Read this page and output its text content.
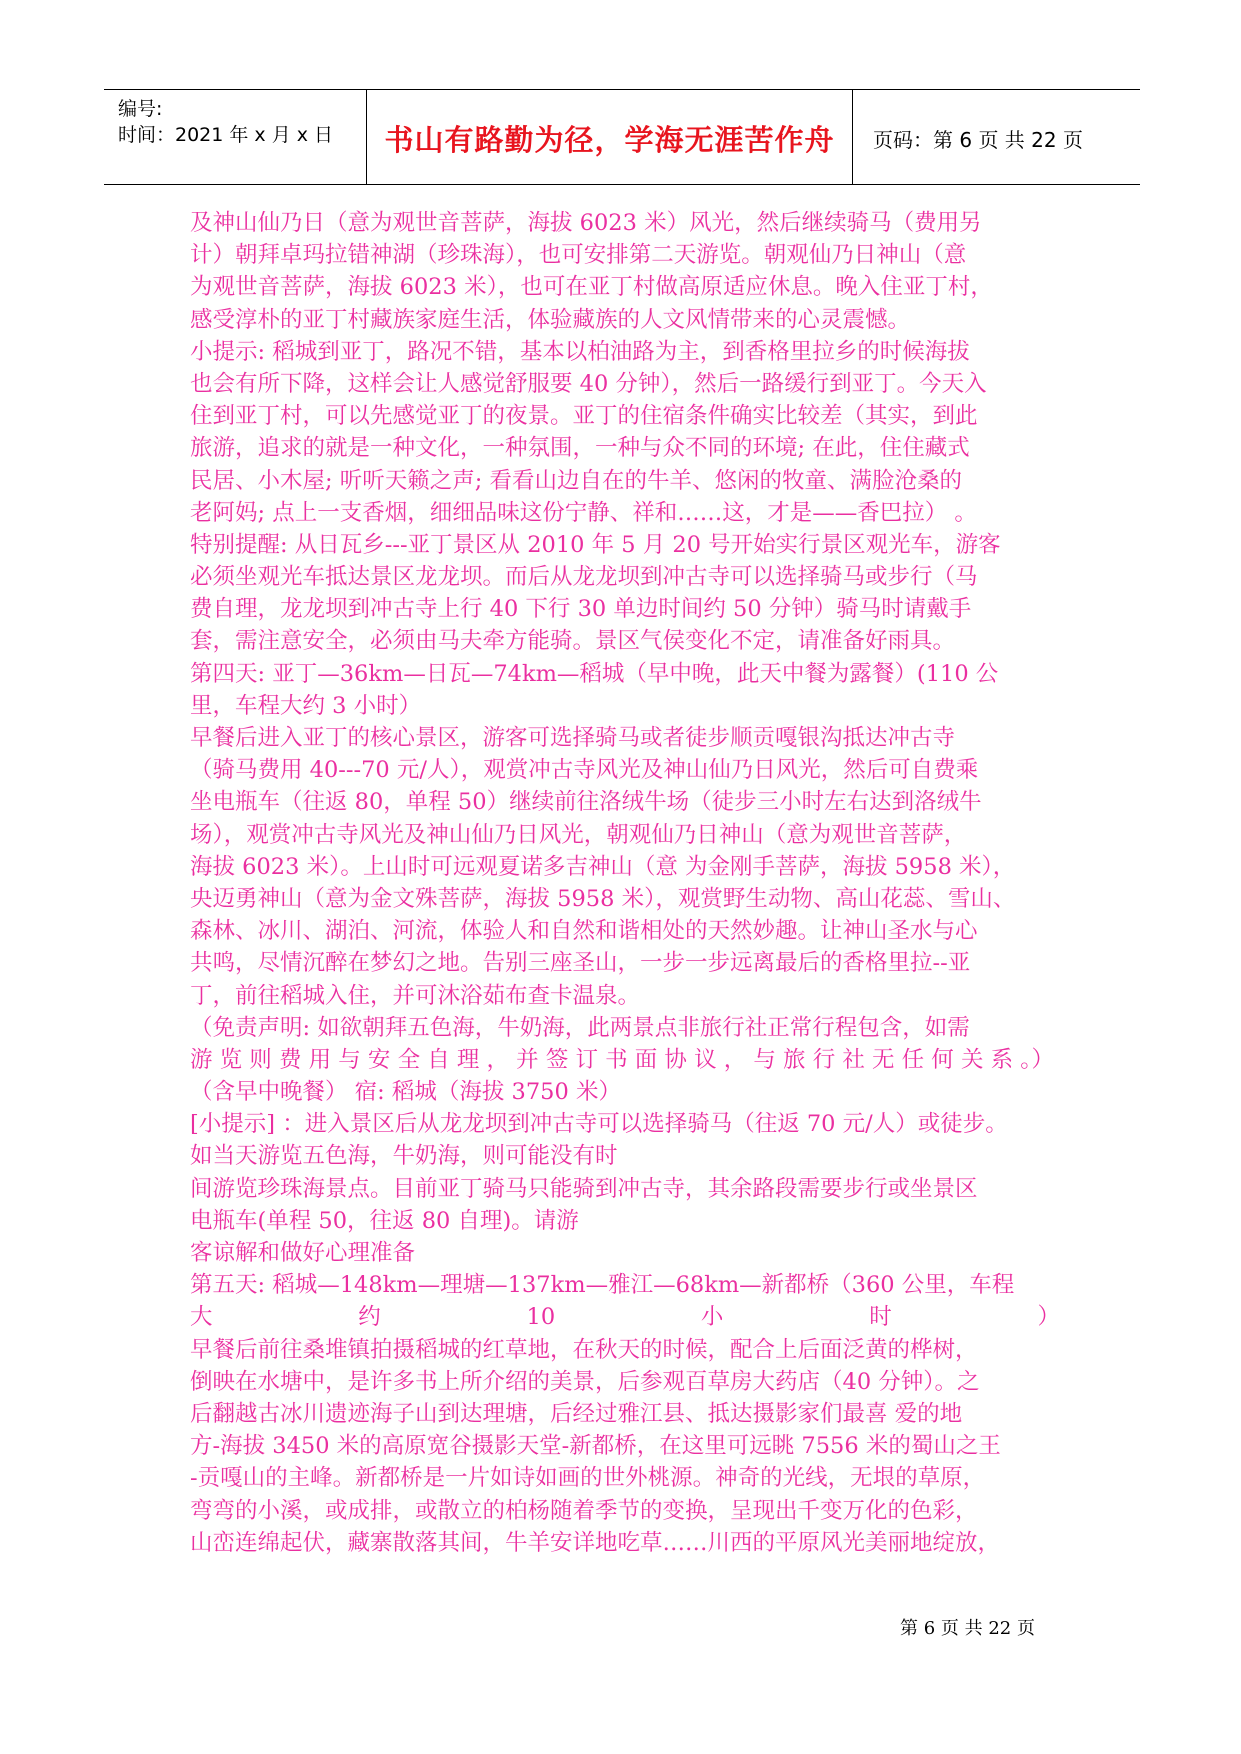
编号:
时间：2021 年 x 月 x 日	书山有路勤为径，学海无涯苦作舟	页码：第 6 页 共 22 页
及神山仙乃日（意为观世音菩萨，海拔 6023 米）风光，然后继续骑马（费用另
计）朝拜卓玛拉错神湖（珍珠海），也可安排第二天游览。朝观仙乃日神山（意
为观世音菩萨，海拔 6023 米），也可在亚丁村做高原适应休息。晚入住亚丁村，
感受淳朴的亚丁村藏族家庭生活，体验藏族的人文风情带来的心灵震憾。
小提示: 稻城到亚丁，路况不错，基本以柏油路为主，到香格里拉乡的时候海拔
也会有所下降，这样会让人感觉舒服要 40 分钟），然后一路缓行到亚丁。今天入
住到亚丁村，可以先感觉亚丁的夜景。亚丁的住宿条件确实比较差（其实，到此
旅游，追求的就是一种文化，一种氛围，一种与众不同的环境; 在此，住住藏式
民居、小木屋; 听听天籁之声; 看看山边自在的牛羊、悠闲的牧童、满脸沧桑的
老阿妈; 点上一支香烟，细细品味这份宁静、祥和……这，才是——香巴拉） 。
特别提醒: 从日瓦乡---亚丁景区从 2010 年 5 月 20 号开始实行景区观光车，游客
必须坐观光车抵达景区龙龙坝。而后从龙龙坝到冲古寺可以选择骑马或步行（马
费自理，龙龙坝到冲古寺上行 40 下行 30 单边时间约 50 分钟）骑马时请戴手
套，需注意安全，必须由马夫牵方能骑。景区气侯变化不定，请准备好雨具。
第四天: 亚丁—36km—日瓦—74km—稻城（早中晚，此天中餐为露餐）(110 公
里，车程大约 3 小时）
早餐后进入亚丁的核心景区，游客可选择骑马或者徒步顺贡嘎银沟抵达冲古寺
（骑马费用 40---70 元/人），观赏冲古寺风光及神山仙乃日风光，然后可自费乘
坐电瓶车（往返 80，单程 50）继续前往洛绒牛场（徒步三小时左右达到洛绒牛
场），观赏冲古寺风光及神山仙乃日风光，朝观仙乃日神山（意为观世音菩萨，
海拔 6023 米）。上山时可远观夏诺多吉神山（意 为金刚手菩萨，海拔 5958 米），
央迈勇神山（意为金文殊菩萨，海拔 5958 米），观赏野生动物、高山花蕊、雪山、
森林、冰川、湖泊、河流，体验人和自然和谐相处的天然妙趣。让神山圣水与心
共鸣，尽情沉醉在梦幻之地。告别三座圣山，一步一步远离最后的香格里拉--亚
丁，前往稻城入住，并可沐浴茹布查卡温泉。
（免责声明: 如欲朝拜五色海，牛奶海，此两景点非旅行社正常行程包含，如需
游 览 则 费 用 与 安 全 自 理 ， 并 签 订 书 面 协 议 ， 与 旅 行 社 无 任 何 关 系 。）
（含早中晚餐） 宿: 稻城（海拔 3750 米）
[小提示] ：进入景区后从龙龙坝到冲古寺可以选择骑马（往返 70 元/人）或徒步。
如当天游览五色海，牛奶海，则可能没有时
间游览珍珠海景点。目前亚丁骑马只能骑到冲古寺，其余路段需要步行或坐景区
电瓶车(单程 50，往返 80 自理)。请游
客谅解和做好心理准备
第五天: 稻城—148km—理塘—137km—雅江—68km—新都桥（360 公里，车程
大	约	10	小	时	）
早餐后前往桑堆镇拍摄稻城的红草地，在秋天的时候，配合上后面泛黄的桦树，
倒映在水塘中，是许多书上所介绍的美景，后参观百草房大药店（40 分钟）。之
后翻越古冰川遗迹海子山到达理塘，后经过雅江县、抵达摄影家们最喜 爱的地
方-海拔 3450 米的高原宽谷摄影天堂-新都桥，在这里可远眺 7556 米的蜀山之王
-贡嘎山的主峰。新都桥是一片如诗如画的世外桃源。神奇的光线，无垠的草原，
弯弯的小溪，或成排，或散立的柏杨随着季节的变换，呈现出千变万化的色彩，
山峦连绵起伏，藏寨散落其间，牛羊安详地吃草……川西的平原风光美丽地绽放，
第 6 页 共 22 页
